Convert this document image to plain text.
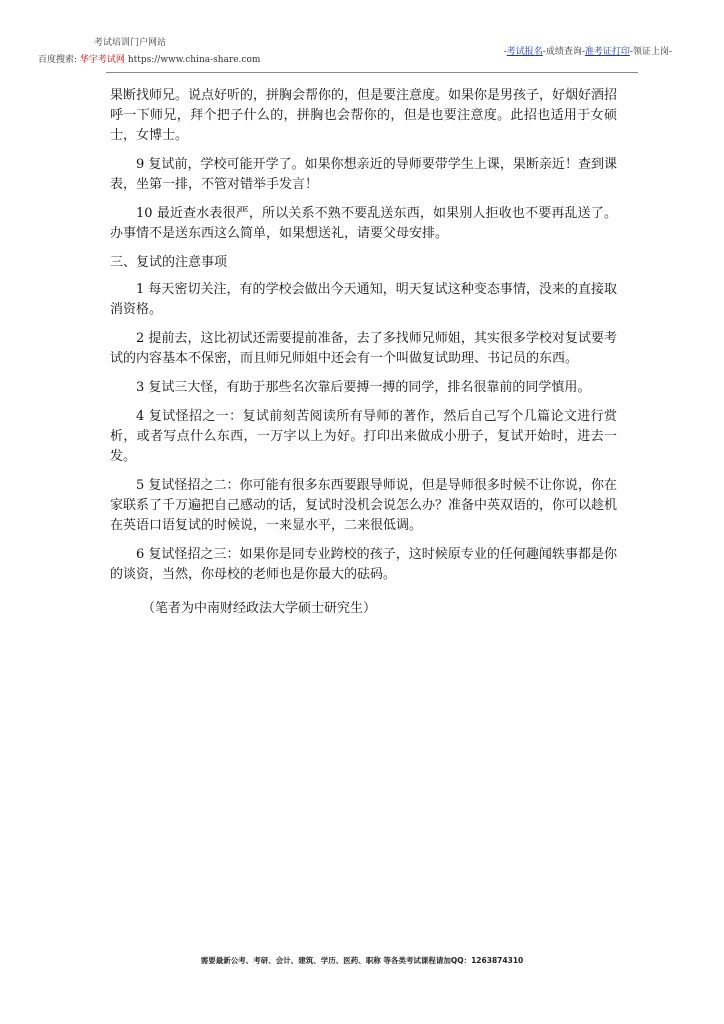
考试培训门户网站
百度搜索: 华宇考试网 https://www.china-share.com
-考试报名-成绩查询-准考证打印-领证上岗-

果断找师兄。说点好听的，拼胸会帮你的，但是要注意度。如果你是男孩子，好烟好酒招呼一下师兄，拜个把子什么的，拼胸也会帮你的，但是也要注意度。此招也适用于女硕士，女博士。

9 复试前，学校可能开学了。如果你想亲近的导师要带学生上课，果断亲近！查到课表，坐第一排，不管对错举手发言！

10 最近查水表很严，所以关系不熟不要乱送东西，如果别人拒收也不要再乱送了。办事情不是送东西这么简单，如果想送礼，请要父母安排。

三、复试的注意事项

1 每天密切关注，有的学校会做出今天通知，明天复试这种变态事情，没来的直接取消资格。

2 提前去，这比初试还需要提前准备，去了多找师兄师姐，其实很多学校对复试要考试的内容基本不保密，而且师兄师姐中还会有一个叫做复试助理、书记员的东西。

3 复试三大怪，有助于那些名次靠后要搏一搏的同学，排名很靠前的同学慎用。

4 复试怪招之一：复试前刻苦阅读所有导师的著作，然后自己写个几篇论文进行赏析，或者写点什么东西，一万字以上为好。打印出来做成小册子，复试开始时，进去一发。

5 复试怪招之二：你可能有很多东西要跟导师说，但是导师很多时候不让你说，你在家联系了千万遍把自己感动的话，复试时没机会说怎么办？准备中英双语的，你可以趁机在英语口语复试的时候说，一来显水平，二来很低调。

6 复试怪招之三：如果你是同专业跨校的孩子，这时候原专业的任何趣闻轶事都是你的谈资，当然，你母校的老师也是你最大的砝码。

（笔者为中南财经政法大学硕士研究生）
需要最新公考、考研、会计、建筑、学历、医药、职称 等各类考试课程请加QQ：1263874310
